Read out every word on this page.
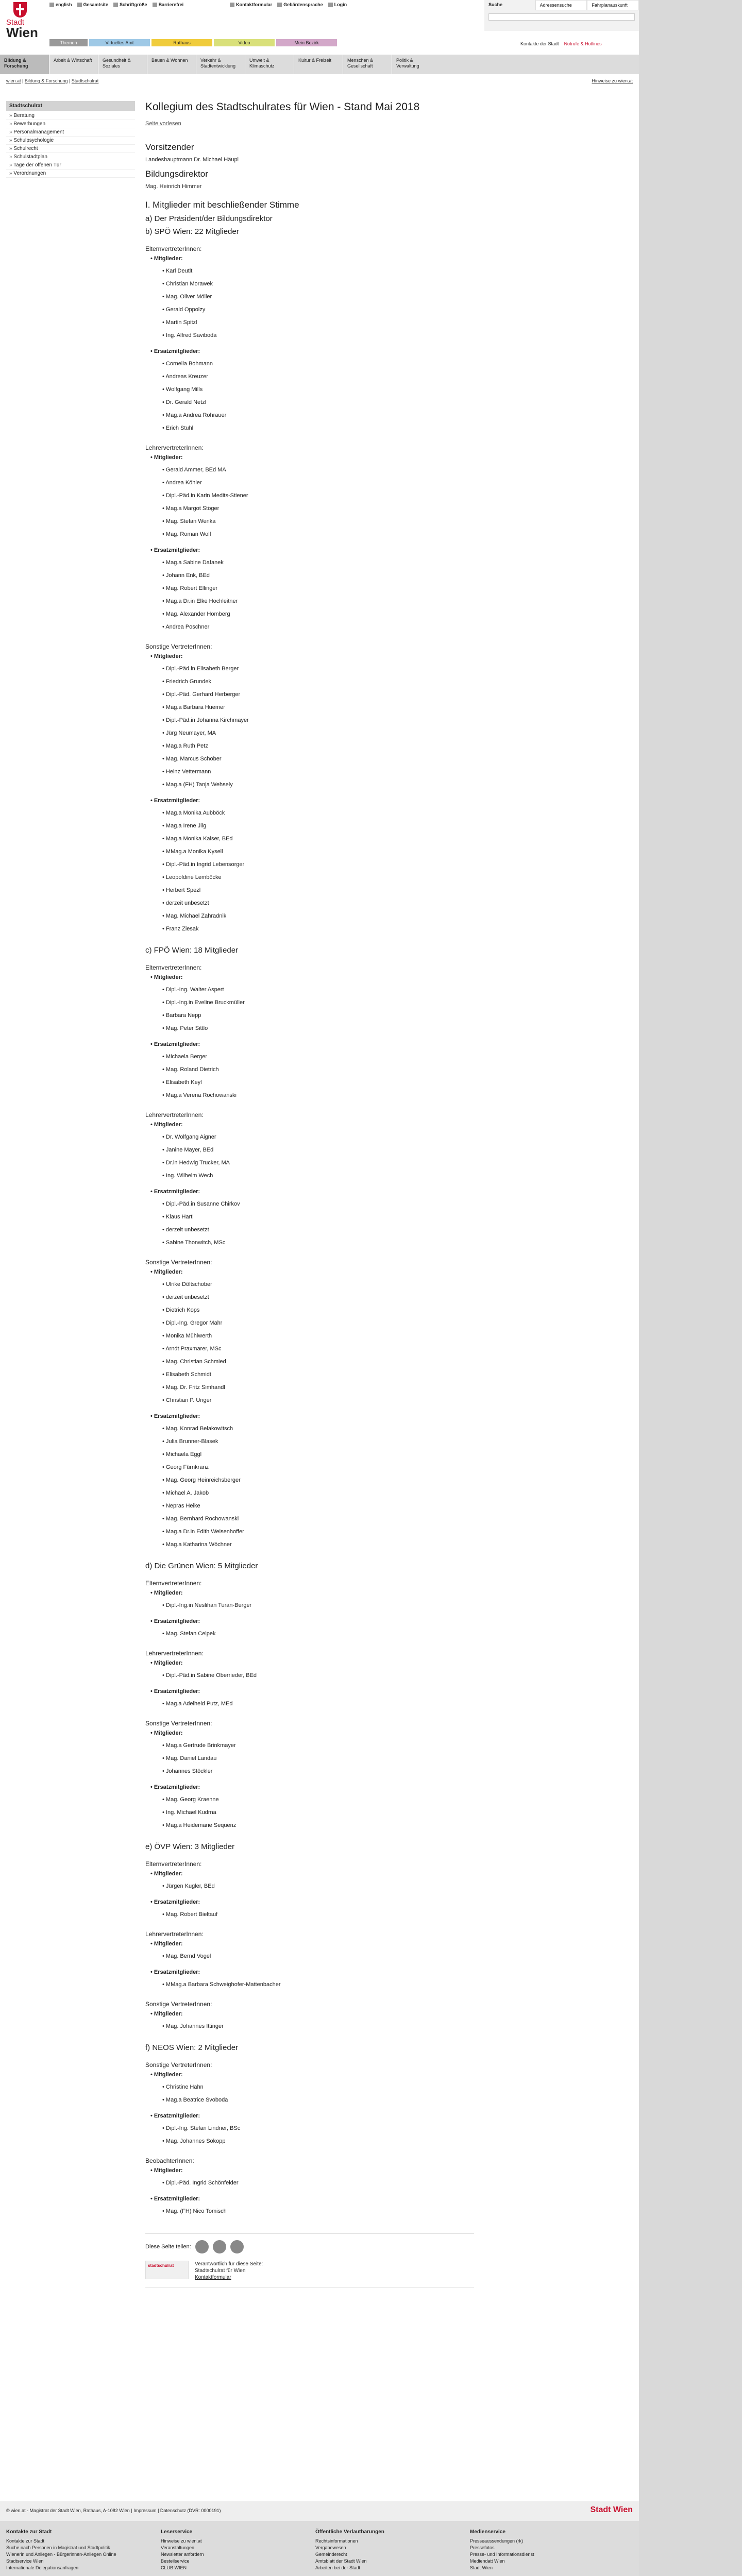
Stadt
Wien
english Gesamtsite Schriftgröße Barrierefrei	Kontaktformular Gebärdensprache Login
Themen	Virtuelles Amt	Rathaus	Video	Mein Bezirk
Suche	Adressensuche	Fahrplanauskunft
Kontakte der Stadt Notrufe & Hotlines
Bildung & Forschung
Arbeit & Wirtschaft	Gesundheit & Soziales
Bauen & Wohnen	Verkehr & Stadtentwicklung
Umwelt & Klimaschutz
Kultur & Freizeit	Menschen & Gesellschaft
Politik & Verwaltung
wien.at | Bildung & Forschung | Stadtschulrat	Hinweise zu wien.at
Stadtschulrat
» Beratung
» Bewerbungen
» Personalmanagement
» Schulpsychologie
» Schulrecht
» Schulstadtplan
» Tage der offenen Tür
» Verordnungen
Kollegium des Stadtschulrates für Wien - Stand Mai 2018
Seite vorlesen
Vorsitzender
Landeshauptmann Dr. Michael Häupl
Bildungsdirektor
Mag. Heinrich Himmer
I. Mitglieder mit beschließender Stimme
a) Der Präsident/der Bildungsdirektor
b) SPÖ Wien: 22 Mitglieder
ElternvertreterInnen:
• Mitglieder:
• Karl Deutlt
• Christian Morawek
• Mag. Oliver Möller
• Gerald Oppolzy
• Martin Spitzl
• Ing. Alfred Saviboda
• Ersatzmitglieder:
• Cornelia Bohmann
• Andreas Kreuzer
• Wolfgang Mills
• Dr. Gerald Netzl
• Mag.a Andrea Rohrauer
• Erich Stuhl
LehrervertreterInnen:
• Mitglieder:
• Gerald Ammer, BEd MA
• Andrea Köhler
• Dipl.-Päd.in Karin Medits-Stiener
• Mag.a Margot Stöger
• Mag. Stefan Wenka
• Mag. Roman Wolf
• Ersatzmitglieder:
• Mag.a Sabine Dafanek
• Johann Enk, BEd
• Mag. Robert Ellinger
• Mag.a Dr.in Elke Hochleitner
• Mag. Alexander Homberg
• Andrea Poschner
Sonstige VertreterInnen:
• Mitglieder:
• Dipl.-Päd.in Elisabeth Berger
• Friedrich Grundek
• Dipl.-Päd. Gerhard Herberger
• Mag.a Barbara Huemer
• Dipl.-Päd.in Johanna Kirchmayer
• Jürg Neumayer, MA
• Mag.a Ruth Petz
• Mag. Marcus Schober
• Heinz Vettermann
• Mag.a (FH) Tanja Wehsely
• Ersatzmitglieder:
• Mag.a Monika Aubböck
• Mag.a Irene Jilg
• Mag.a Monika Kaiser, BEd
• MMag.a Monika Kysell
• Dipl.-Päd.in Ingrid Lebensorger
• Leopoldine Lemböcke
• Herbert Spezl
• derzeit unbesetzt
• Mag. Michael Zahradnik
• Franz Ziesak
c) FPÖ Wien: 18 Mitglieder
ElternvertreterInnen:
• Mitglieder:
• Dipl.-Ing. Walter Aspert
• Dipl.-Ing.in Eveline Bruckmüller
• Barbara Nepp
• Mag. Peter Sittlo
• Ersatzmitglieder:
• Michaela Berger
• Mag. Roland Dietrich
• Elisabeth Keyl
• Mag.a Verena Rochowanski
LehrervertreterInnen:
• Mitglieder:
• Dr. Wolfgang Aigner
• Janine Mayer, BEd
• Dr.in Hedwig Trucker, MA
• Ing. Wilhelm Wech
• Ersatzmitglieder:
• Dipl.-Päd.in Susanne Chirkov
• Klaus Hartl
• derzeit unbesetzt
• Sabine Thonwitch, MSc
Sonstige VertreterInnen:
• Mitglieder:
• Ulrike Döltschober
• derzeit unbesetzt
• Dietrich Kops
• Dipl.-Ing. Gregor Mahr
• Monika Mühlwerth
• Arndt Praxmarer, MSc
• Mag. Christian Schmied
• Elisabeth Schmidt
• Mag. Dr. Fritz Simhandl
• Christian P. Unger
• Ersatzmitglieder:
• Mag. Konrad Belakowitsch
• Julia Brunner-Blasek
• Michaela Eggl
• Georg Fürnkranz
• Mag. Georg Heinreichsberger
• Michael A. Jakob
• Nepras Heike
• Mag. Bernhard Rochowanski
• Mag.a Dr.in Edith Weisenhoffer
• Mag.a Katharina Wöchner
d) Die Grünen Wien: 5 Mitglieder
ElternvertreterInnen:
• Mitglieder:
• Dipl.-Ing.in Neslihan Turan-Berger
• Ersatzmitglieder:
• Mag. Stefan Celpek
LehrervertreterInnen:
• Mitglieder:
• Dipl.-Päd.in Sabine Oberrieder, BEd
• Ersatzmitglieder:
• Mag.a Adelheid Putz, MEd
Sonstige VertreterInnen:
• Mitglieder:
• Mag.a Gertrude Brinkmayer
• Mag. Daniel Landau
• Johannes Stöckler
• Ersatzmitglieder:
• Mag. Georg Kraenne
• Ing. Michael Kudrna
• Mag.a Heidemarie Sequenz
e) ÖVP Wien: 3 Mitglieder
ElternvertreterInnen:
• Mitglieder:
• Jürgen Kugler, BEd
• Ersatzmitglieder:
• Mag. Robert Bieltauf
LehrervertreterInnen:
• Mitglieder:
• Mag. Bernd Vogel
• Ersatzmitglieder:
• MMag.a Barbara Schweighofer-Mattenbacher
Sonstige VertreterInnen:
• Mitglieder:
• Mag. Johannes Ittinger
f) NEOS Wien: 2 Mitglieder
Sonstige VertreterInnen:
• Mitglieder:
• Christine Hahn
• Mag.a Beatrice Svoboda
• Ersatzmitglieder:
• Dipl.-Ing. Stefan Lindner, BSc
• Mag. Johannes Sokopp
BeobachterInnen:
• Mitglieder:
• Dipl.-Päd. Ingrid Schönfelder
• Ersatzmitglieder:
• Mag. (FH) Nico Tomisch
Diese Seite teilen:
stadtschulrat	Verantwortlich für diese Seite:
Stadtschulrat für Wien
Kontaktformular
© wien.at - Magistrat der Stadt Wien, Rathaus, A-1082 Wien | Impressum | Datenschutz (DVR: 0000191)	Stadt Wien
Kontakte zur Stadt
Kontakte zur Stadt
Suche nach Personen in Magistrat und Stadtpolitik
Wienerin und Anliegen - Bürgerinnen-Anliegen Online
Stadtservice Wien
Internationale Delegationsanfragen
Leserservice
Hinweise zu wien.at
Veranstaltungen
Newsletter anfordern
Besteilservice
CLUB WIEN
Öffentliche Verlautbarungen
Rechtsinformationen
Vergabewesen
Gemeinderecht
Amtsblatt der Stadt Wien
Arbeiten bei der Stadt
Medienservice
Presseaussendungen (rk)
Pressefotos
Presse- und Informationsdienst
Mediendatt Wien
Stadt Wien
